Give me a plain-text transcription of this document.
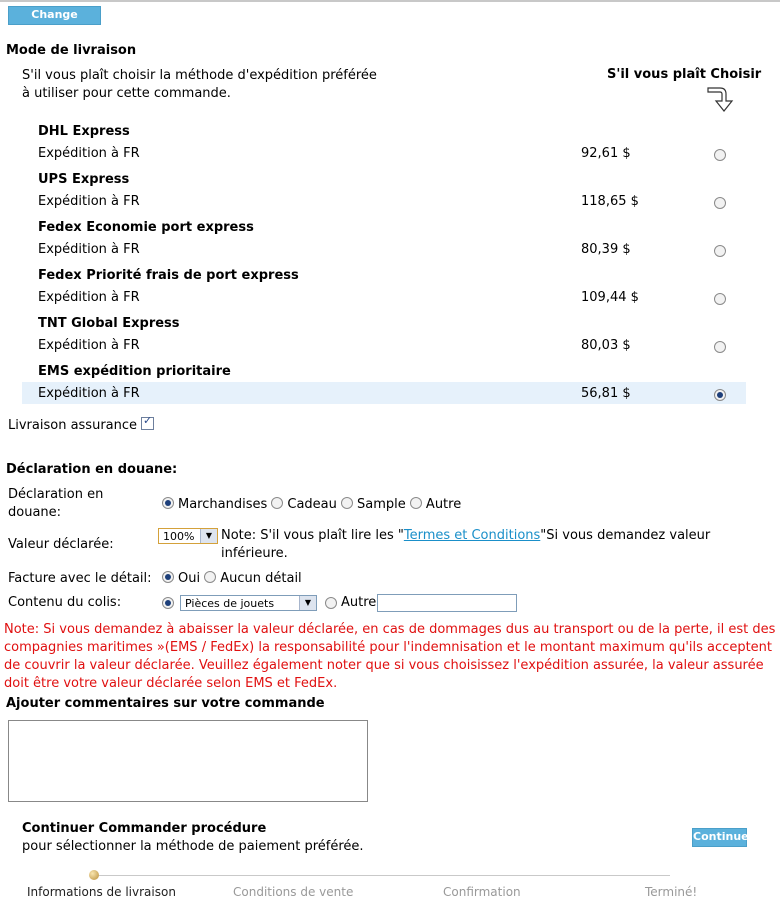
Change Address
Mode de livraison
S'il vous plaît choisir la méthode d'expédition préférée à utiliser pour cette commande.
S'il vous plaît Choisir
DHL Express
Expédition à FR	92,61 $
UPS Express
Expédition à FR	118,65 $
Fedex Economie port express
Expédition à FR	80,39 $
Fedex Priorité frais de port express
Expédition à FR	109,44 $
TNT Global Express
Expédition à FR	80,03 $
EMS expédition prioritaire
Expédition à FR	56,81 $
Livraison assurance ✓
Déclaration en douane:
Déclaration en douane:
Marchandises Cadeau Sample Autre
Valeur déclarée:
100%	▼ Note: S'il vous plaît lire les "Termes et Conditions"Si vous demandez valeur inférieure.
Facture avec le détail:	Oui Aucun détail
Contenu du colis:	Pièces de jouets	▼	Autre
Note: Si vous demandez à abaisser la valeur déclarée, en cas de dommages dus au transport ou de la perte, il est des compagnies maritimes »(EMS / FedEx) la responsabilité pour l'indemnisation et le montant maximum qu'ils acceptent de couvrir la valeur déclarée. Veuillez également noter que si vous choisissez l'expédition assurée, la valeur assurée doit être votre valeur déclarée selon EMS et FedEx.
Ajouter commentaires sur votre commande
Continuer Commander procédure
pour sélectionner la méthode de paiement préférée.
Continue
Informations de livraison	Conditions de vente	Confirmation	Terminé!
